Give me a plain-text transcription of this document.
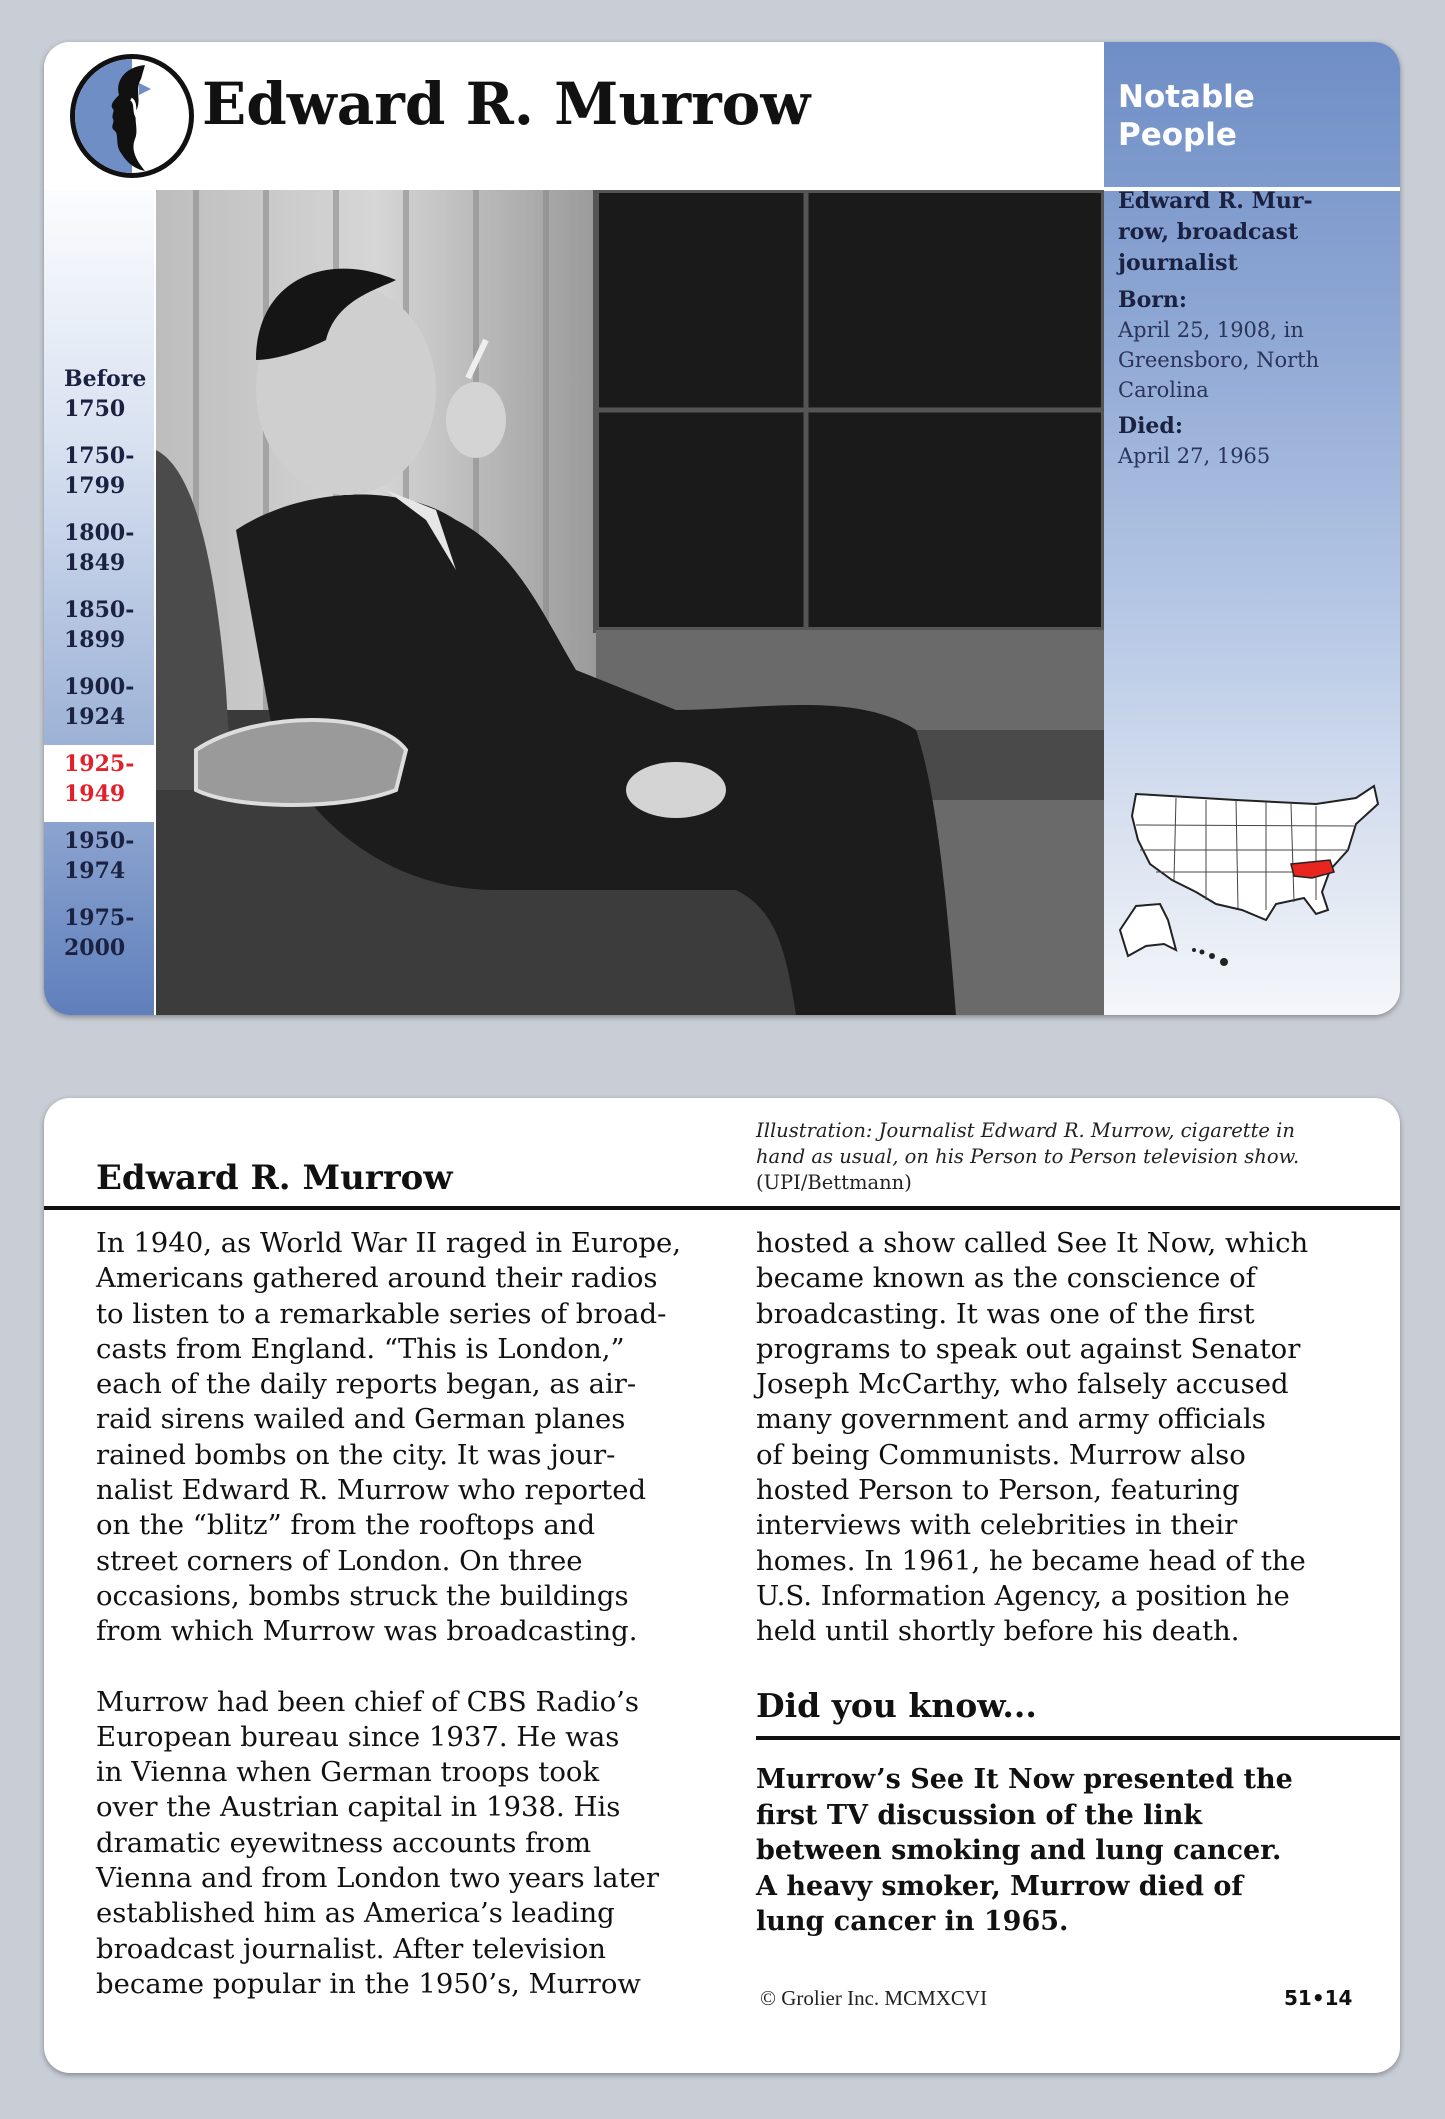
Edward R. Murrow
Before
1750
1750-
1799
1800-
1849
1850-
1899
1900-
1924
1925-
1949
1950-
1974
1975-
2000
Notable
People
Edward R. Mur-
row, broadcast
journalist
Born:
April 25, 1908, in
Greensboro, North
Carolina
Died:
April 27, 1965
Edward R. Murrow
Illustration: Journalist Edward R. Murrow, cigarette in
hand as usual, on his Person to Person television show.
(UPI/Bettmann)

In 1940, as World War II raged in Europe,

Americans gathered around their radios

to listen to a remarkable series of broad-

casts from England. “This is London,”

each of the daily reports began, as air-

raid sirens wailed and German planes

rained bombs on the city. It was jour-

nalist Edward R. Murrow who reported

on the “blitz” from the rooftops and

street corners of London. On three

occasions, bombs struck the buildings

from which Murrow was broadcasting.

Murrow had been chief of CBS Radio’s

European bureau since 1937. He was

in Vienna when German troops took

over the Austrian capital in 1938. His

dramatic eyewitness accounts from

Vienna and from London two years later

established him as America’s leading

broadcast journalist. After television

became popular in the 1950’s, Murrow

hosted a show called See It Now, which

became known as the conscience of

broadcasting. It was one of the first

programs to speak out against Senator

Joseph McCarthy, who falsely accused

many government and army officials

of being Communists. Murrow also

hosted Person to Person, featuring

interviews with celebrities in their

homes. In 1961, he became head of the

U.S. Information Agency, a position he

held until shortly before his death.

Did you know...

Murrow’s See It Now presented the

first TV discussion of the link

between smoking and lung cancer.

A heavy smoker, Murrow died of

lung cancer in 1965.

© Grolier Inc. MCMXCVI	51•14
